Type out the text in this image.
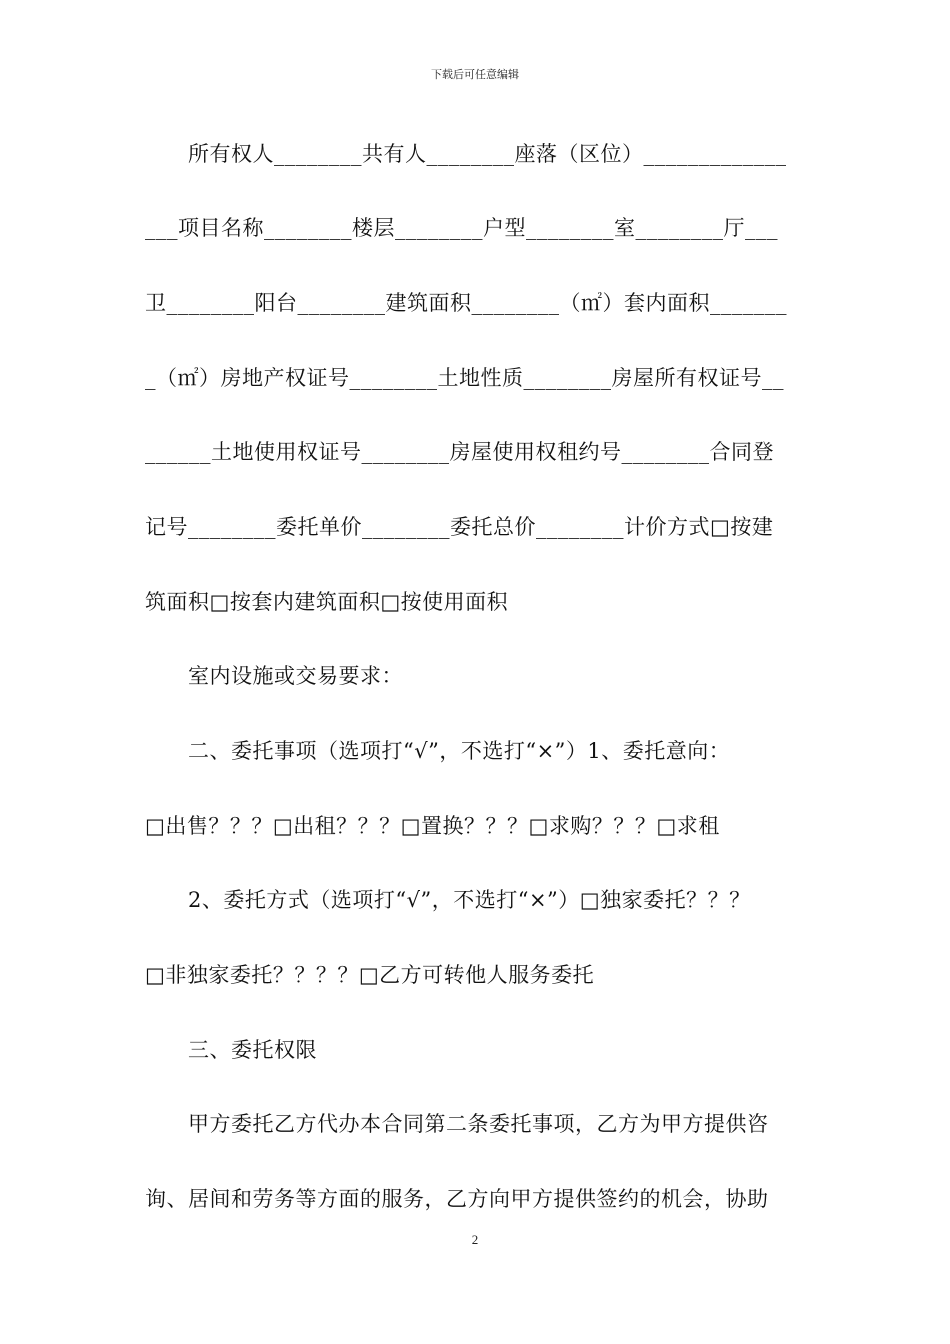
下载后可任意编辑
　　所有权人________共有人________座落（区位）_____________
___项目名称________楼层________户型________室________厅___
卫________阳台________建筑面积________（㎡）套内面积_______
_（㎡）房地产权证号________土地性质________房屋所有权证号__
______土地使用权证号________房屋使用权租约号________合同登
记号________委托单价________委托总价________计价方式□按建
筑面积□按套内建筑面积□按使用面积
　　室内设施或交易要求：
　　二、委托事项（选项打“√”，不选打“×”）1、委托意向：
□出售？？？□出租？？？□置换？？？□求购？？？□求租
　　2、委托方式（选项打“√”，不选打“×”）□独家委托？？？
□非独家委托？？？？□乙方可转他人服务委托
　　三、委托权限
　　甲方委托乙方代办本合同第二条委托事项，乙方为甲方提供咨
询、居间和劳务等方面的服务，乙方向甲方提供签约的机会，协助
2
